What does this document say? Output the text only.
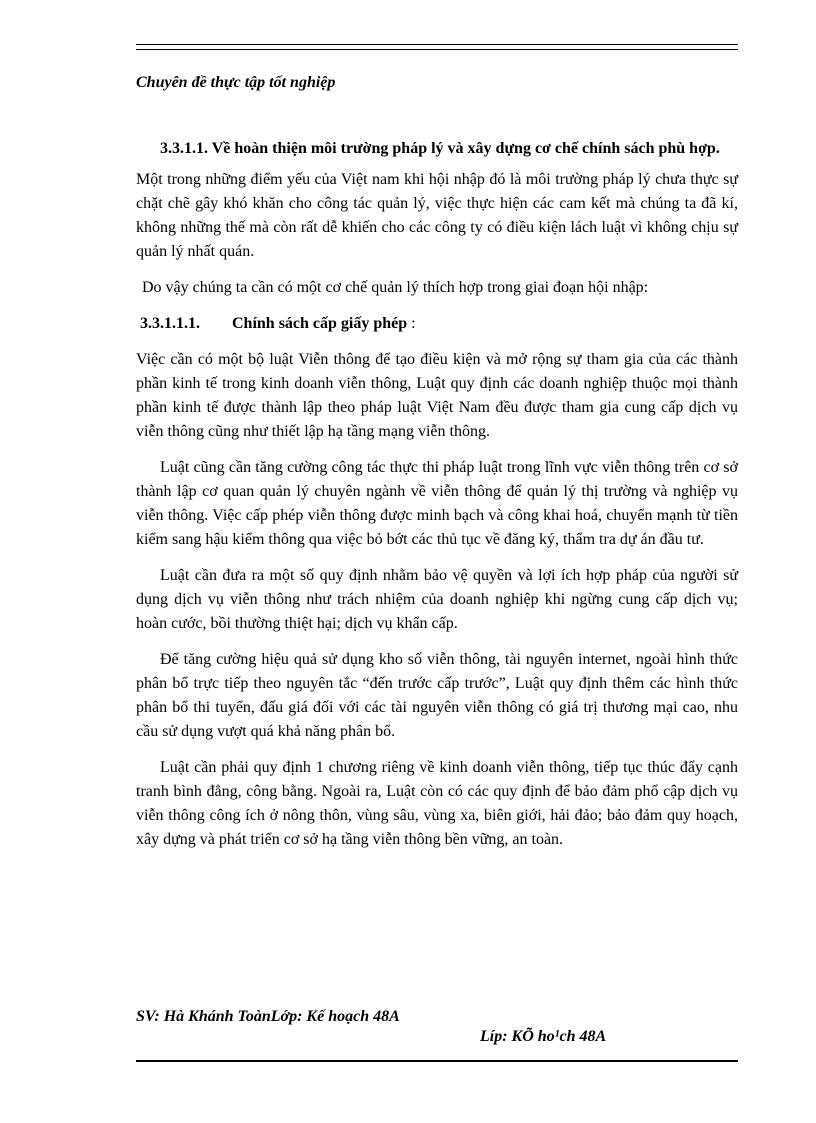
Chuyên đề thực tập tốt nghiệp
3.3.1.1. Về hoàn thiện môi trường pháp lý và xây dựng cơ chế chính sách phù hợp.

Một trong những điểm yếu của Việt nam khi hội nhập đó là môi trường pháp lý chưa thực sự chặt chẽ gây khó khăn cho công tác quản lý, việc thực hiện các cam kết mà chúng ta đã kí, không những thế mà còn rất dễ khiến cho các công ty có điều kiện lách luật vì không chịu sự quản lý nhất quán.

Do vậy chúng ta cần có một cơ chế quản lý thích hợp trong giai đoạn hội nhập:

3.3.1.1.1. Chính sách cấp giấy phép :

Việc cần có một bộ luật Viễn thông để tạo điều kiện và mở rộng sự tham gia của các thành phần kinh tế trong kinh doanh viễn thông, Luật quy định các doanh nghiệp thuộc mọi thành phần kinh tế được thành lập theo pháp luật Việt Nam đều được tham gia cung cấp dịch vụ viễn thông cũng như thiết lập hạ tầng mạng viễn thông.

Luật cũng cần tăng cường công tác thực thi pháp luật trong lĩnh vực viễn thông trên cơ sở thành lập cơ quan quản lý chuyên ngành về viễn thông để quản lý thị trường và nghiệp vụ viễn thông. Việc cấp phép viễn thông được minh bạch và công khai hoá, chuyển mạnh từ tiền kiểm sang hậu kiểm thông qua việc bỏ bớt các thủ tục về đăng ký, thẩm tra dự án đầu tư.

Luật cần đưa ra một số quy định nhằm bảo vệ quyền và lợi ích hợp pháp của người sử dụng dịch vụ viễn thông như trách nhiệm của doanh nghiệp khi ngừng cung cấp dịch vụ; hoàn cước, bồi thường thiệt hại; dịch vụ khẩn cấp.

Để tăng cường hiệu quả sử dụng kho số viễn thông, tài nguyên internet, ngoài hình thức phân bổ trực tiếp theo nguyên tắc “đến trước cấp trước”, Luật quy định thêm các hình thức phân bổ thi tuyển, đấu giá đối với các tài nguyên viễn thông có giá trị thương mại cao, nhu cầu sử dụng vượt quá khả năng phân bổ.

Luật cần phải quy định 1 chương riêng về kinh doanh viễn thông, tiếp tục thúc đẩy cạnh tranh bình đẳng, công bằng. Ngoài ra, Luật còn có các quy định để bảo đảm phổ cập dịch vụ viễn thông công ích ở nông thôn, vùng sâu, vùng xa, biên giới, hải đảo; bảo đảm quy hoạch, xây dựng và phát triển cơ sở hạ tầng viễn thông bền vững, an toàn.

SV: Hà Khánh ToànLớp: Kế hoạch 48A
Líp: KÕ ho¹ch 48A
